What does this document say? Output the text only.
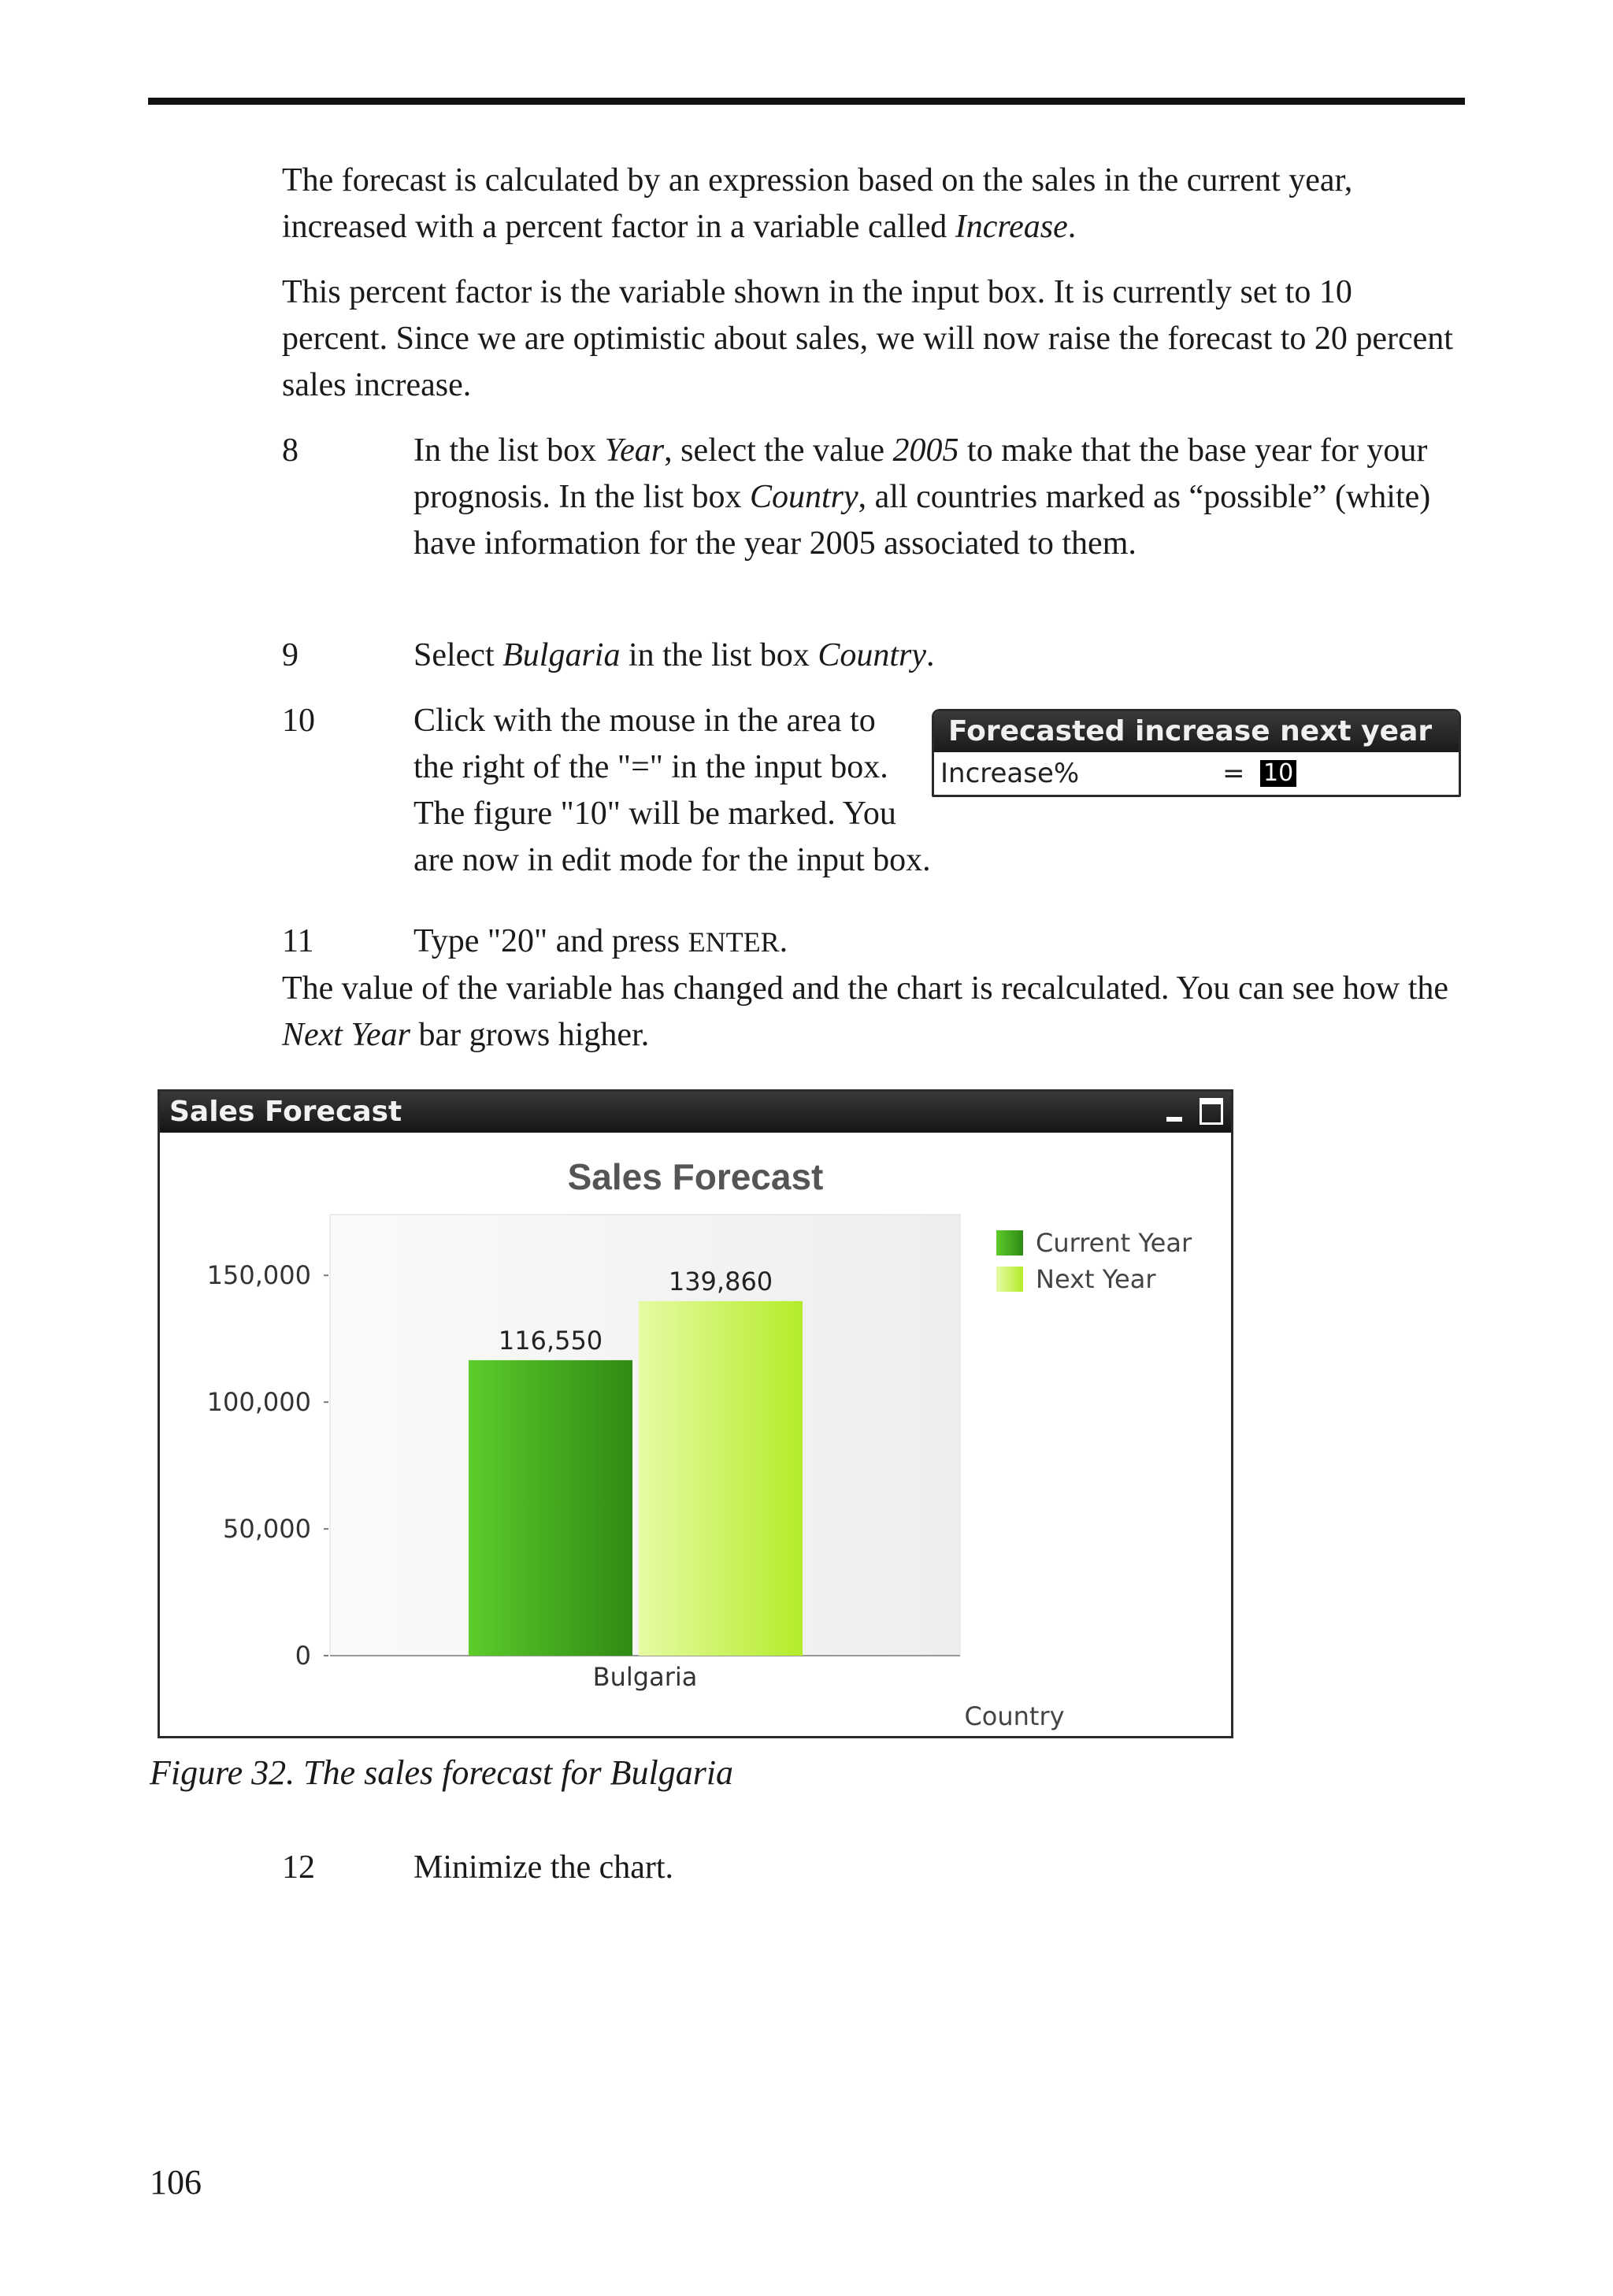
The forecast is calculated by an expression based on the sales in the current year, increased with a percent factor in a variable called Increase.

This percent factor is the variable shown in the input box. It is currently set to 10 percent. Since we are optimistic about sales, we will now raise the forecast to 20 percent sales increase.

8	In the list box Year, select the value 2005 to make that the base year for your prognosis. In the list box Country, all countries marked as “possible” (white) have information for the year 2005 associated to them.

9	Select Bulgaria in the list box Country.

10	Click with the mouse in the area to the right of the "=" in the input box. The figure "10" will be marked. You are now in edit mode for the input box.

Forecasted increase next year
Increase%	= 10
11	Type "20" and press ENTER.

The value of the variable has changed and the chart is recalculated. You can see how the Next Year bar grows higher.

Sales Forecast
Sales Forecast
0
50,000
100,000
150,000
Bulgaria
116,550
139,860
Current Year
Next Year
Country
Figure 32. The sales forecast for Bulgaria
12	Minimize the chart.

106
